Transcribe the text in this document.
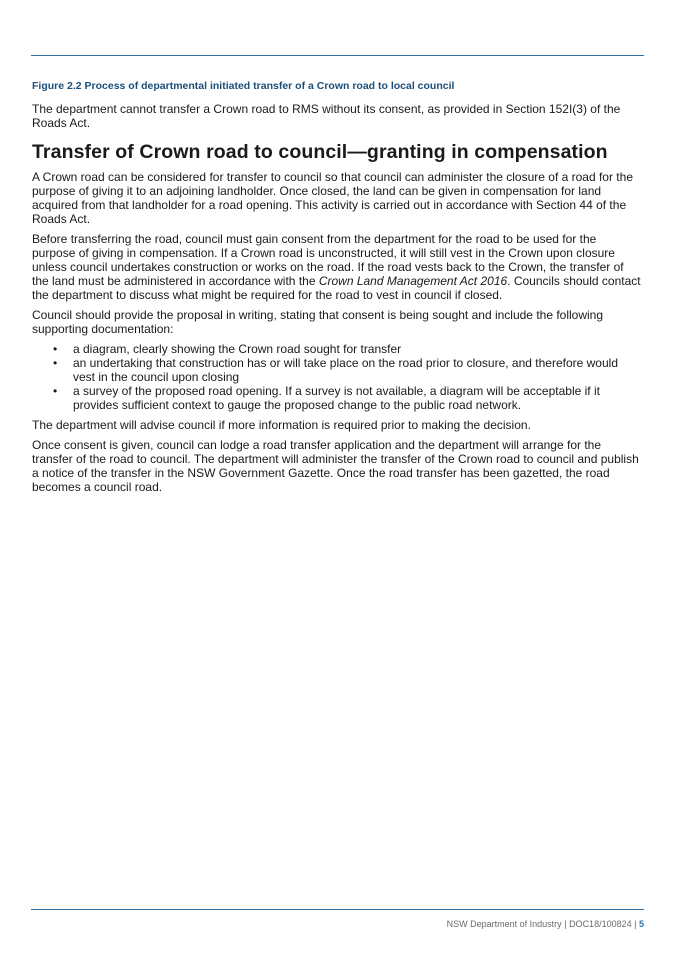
Figure 2.2 Process of departmental initiated transfer of a Crown road to local council

The department cannot transfer a Crown road to RMS without its consent, as provided in Section 152I(3) of the Roads Act.

Transfer of Crown road to council—granting in compensation

A Crown road can be considered for transfer to council so that council can administer the closure of a road for the purpose of giving it to an adjoining landholder. Once closed, the land can be given in compensation for land acquired from that landholder for a road opening. This activity is carried out in accordance with Section 44 of the Roads Act.

Before transferring the road, council must gain consent from the department for the road to be used for the purpose of giving in compensation. If a Crown road is unconstructed, it will still vest in the Crown upon closure unless council undertakes construction or works on the road. If the road vests back to the Crown, the transfer of the land must be administered in accordance with the Crown Land Management Act 2016. Councils should contact the department to discuss what might be required for the road to vest in council if closed.

Council should provide the proposal in writing, stating that consent is being sought and include the following supporting documentation:

• a diagram, clearly showing the Crown road sought for transfer
• an undertaking that construction has or will take place on the road prior to closure, and therefore would vest in the council upon closing
• a survey of the proposed road opening. If a survey is not available, a diagram will be acceptable if it provides sufficient context to gauge the proposed change to the public road network.

The department will advise council if more information is required prior to making the decision.

Once consent is given, council can lodge a road transfer application and the department will arrange for the transfer of the road to council. The department will administer the transfer of the Crown road to council and publish a notice of the transfer in the NSW Government Gazette. Once the road transfer has been gazetted, the road becomes a council road.

NSW Department of Industry | DOC18/100824 | 5
